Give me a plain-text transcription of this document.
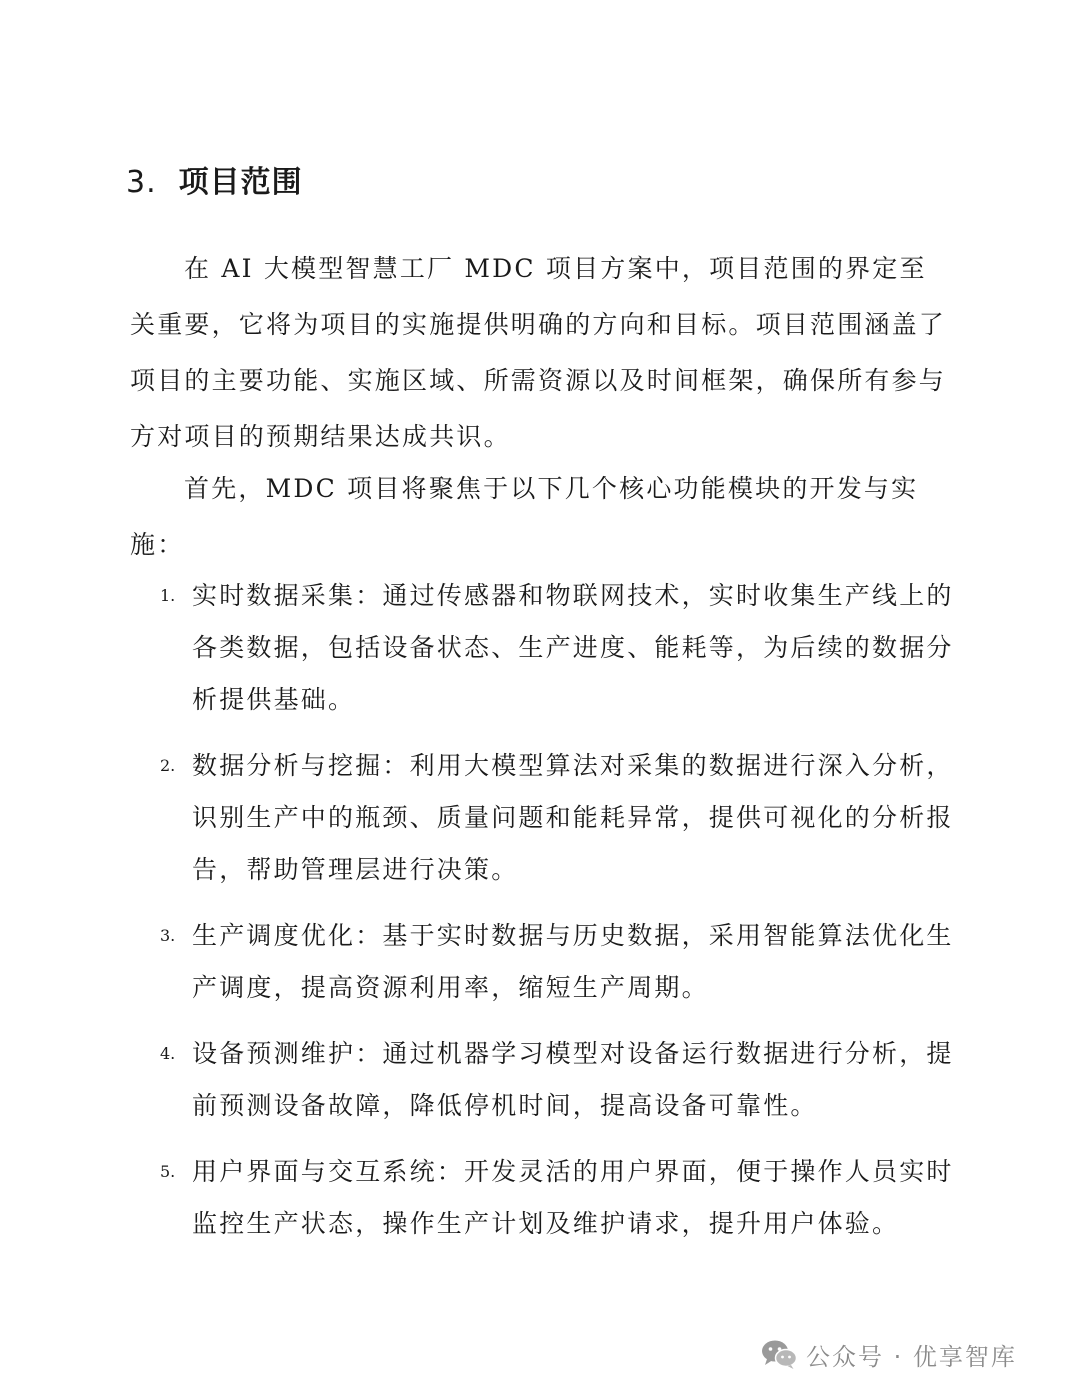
3. 项目范围

在 AI 大模型智慧工厂 MDC 项目方案中，项目范围的界定至关重要，它将为项目的实施提供明确的方向和目标。项目范围涵盖了项目的主要功能、实施区域、所需资源以及时间框架，确保所有参与方对项目的预期结果达成共识。

首先，MDC 项目将聚焦于以下几个核心功能模块的开发与实施：

1. 实时数据采集：通过传感器和物联网技术，实时收集生产线上的各类数据，包括设备状态、生产进度、能耗等，为后续的数据分析提供基础。
2. 数据分析与挖掘：利用大模型算法对采集的数据进行深入分析，识别生产中的瓶颈、质量问题和能耗异常，提供可视化的分析报告，帮助管理层进行决策。
3. 生产调度优化：基于实时数据与历史数据，采用智能算法优化生产调度，提高资源利用率，缩短生产周期。
4. 设备预测维护：通过机器学习模型对设备运行数据进行分析，提前预测设备故障，降低停机时间，提高设备可靠性。
5. 用户界面与交互系统：开发灵活的用户界面，便于操作人员实时监控生产状态，操作生产计划及维护请求，提升用户体验。
公众号 · 优享智库
